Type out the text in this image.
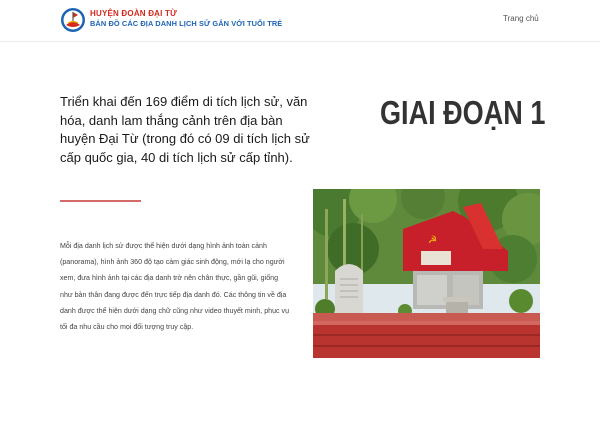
HUYỆN ĐOÀN ĐẠI TỪ
BẢN ĐỒ CÁC ĐỊA DANH LỊCH SỬ GẮN VỚI TUỔI TRẺ
Trang chủ
Triển khai đến 169 điểm di tích lịch sử, văn hóa, danh lam thắng cảnh trên địa bàn huyện Đại Từ (trong đó có 09 di tích lịch sử cấp quốc gia, 40 di tích lịch sử cấp tỉnh).
Mỗi địa danh lịch sử được thể hiện dưới dạng hình ảnh toàn cảnh (panorama), hình ảnh 360 độ tạo cảm giác sinh động, mới lạ cho người xem, đưa hình ảnh tại các địa danh trở nên chân thực, gần gũi, giống như bản thân đang được đến trực tiếp địa danh đó. Các thông tin về địa danh được thể hiện dưới dạng chữ cũng như video thuyết minh, phục vụ tối đa nhu cầu cho mọi đối tượng truy cập.
GIAI ĐOẠN 1
☭
